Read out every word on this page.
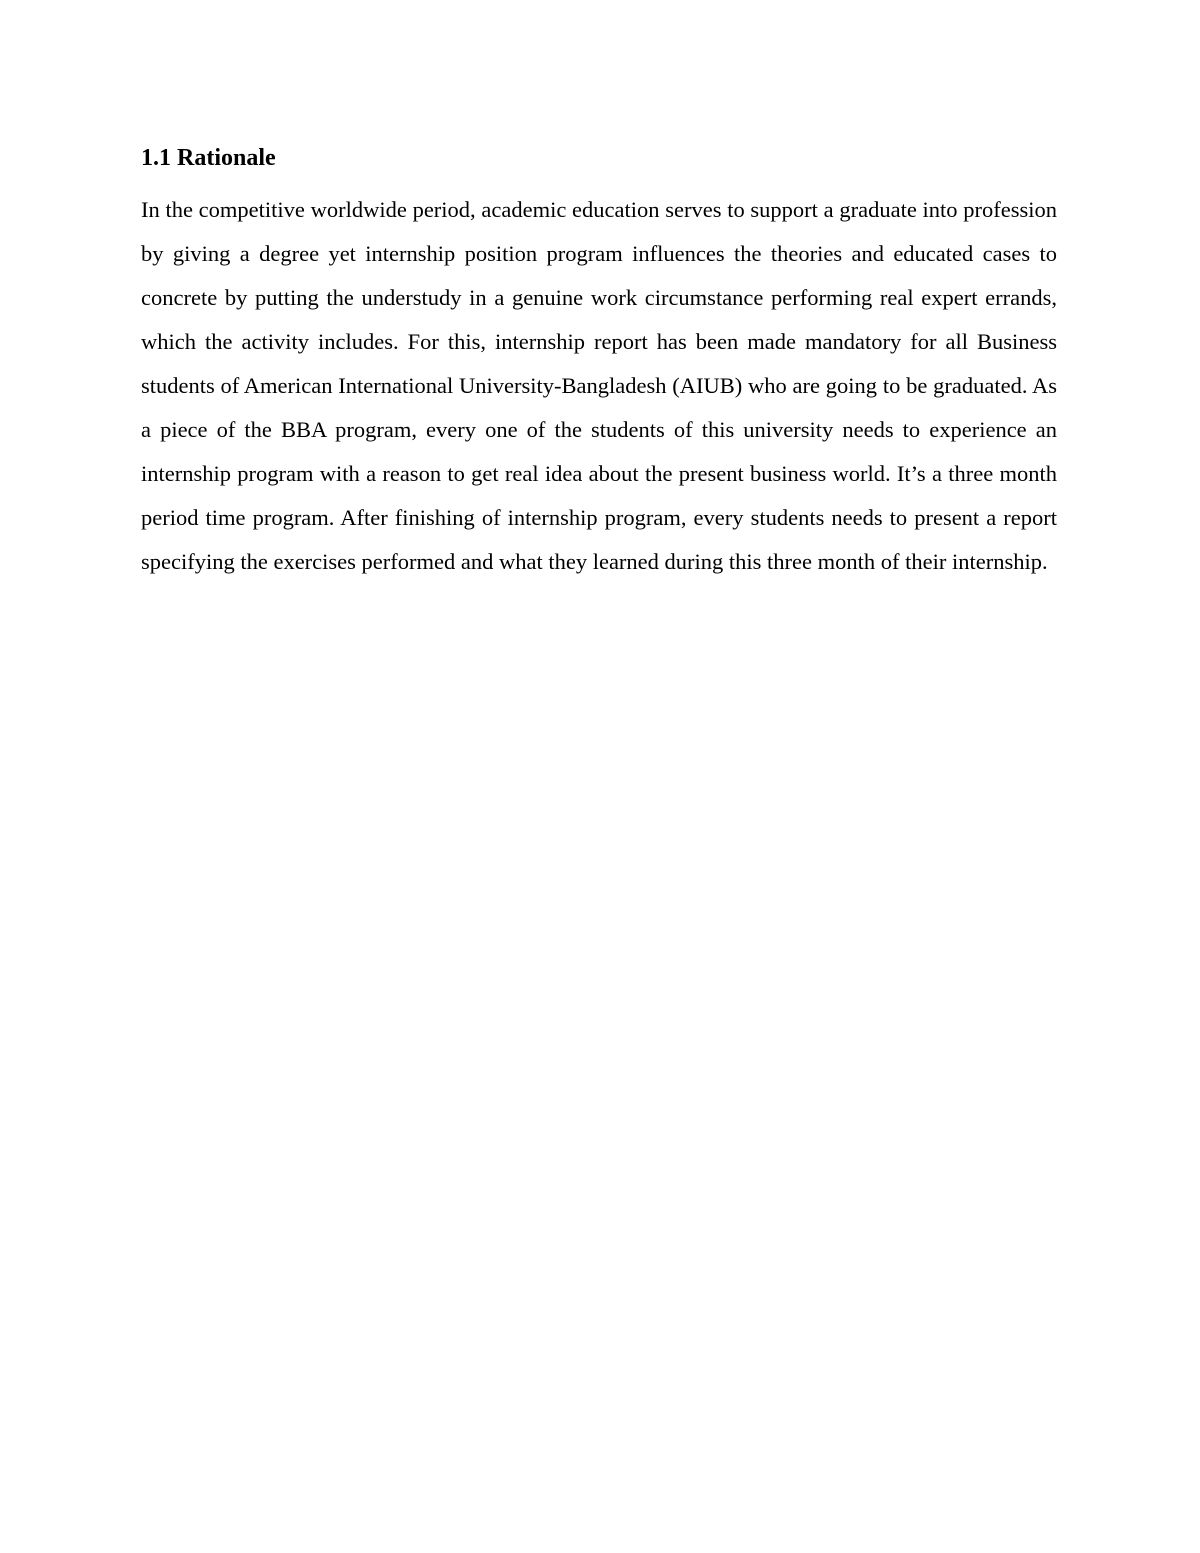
1.1 Rationale

In the competitive worldwide period, academic education serves to support a graduate into profession by giving a degree yet internship position program influences the theories and educated cases to concrete by putting the understudy in a genuine work circumstance performing real expert errands, which the activity includes. For this, internship report has been made mandatory for all Business students of American International University-Bangladesh (AIUB) who are going to be graduated. As a piece of the BBA program, every one of the students of this university needs to experience an internship program with a reason to get real idea about the present business world. It’s a three month period time program. After finishing of internship program, every students needs to present a report specifying the exercises performed and what they learned during this three month of their internship.
